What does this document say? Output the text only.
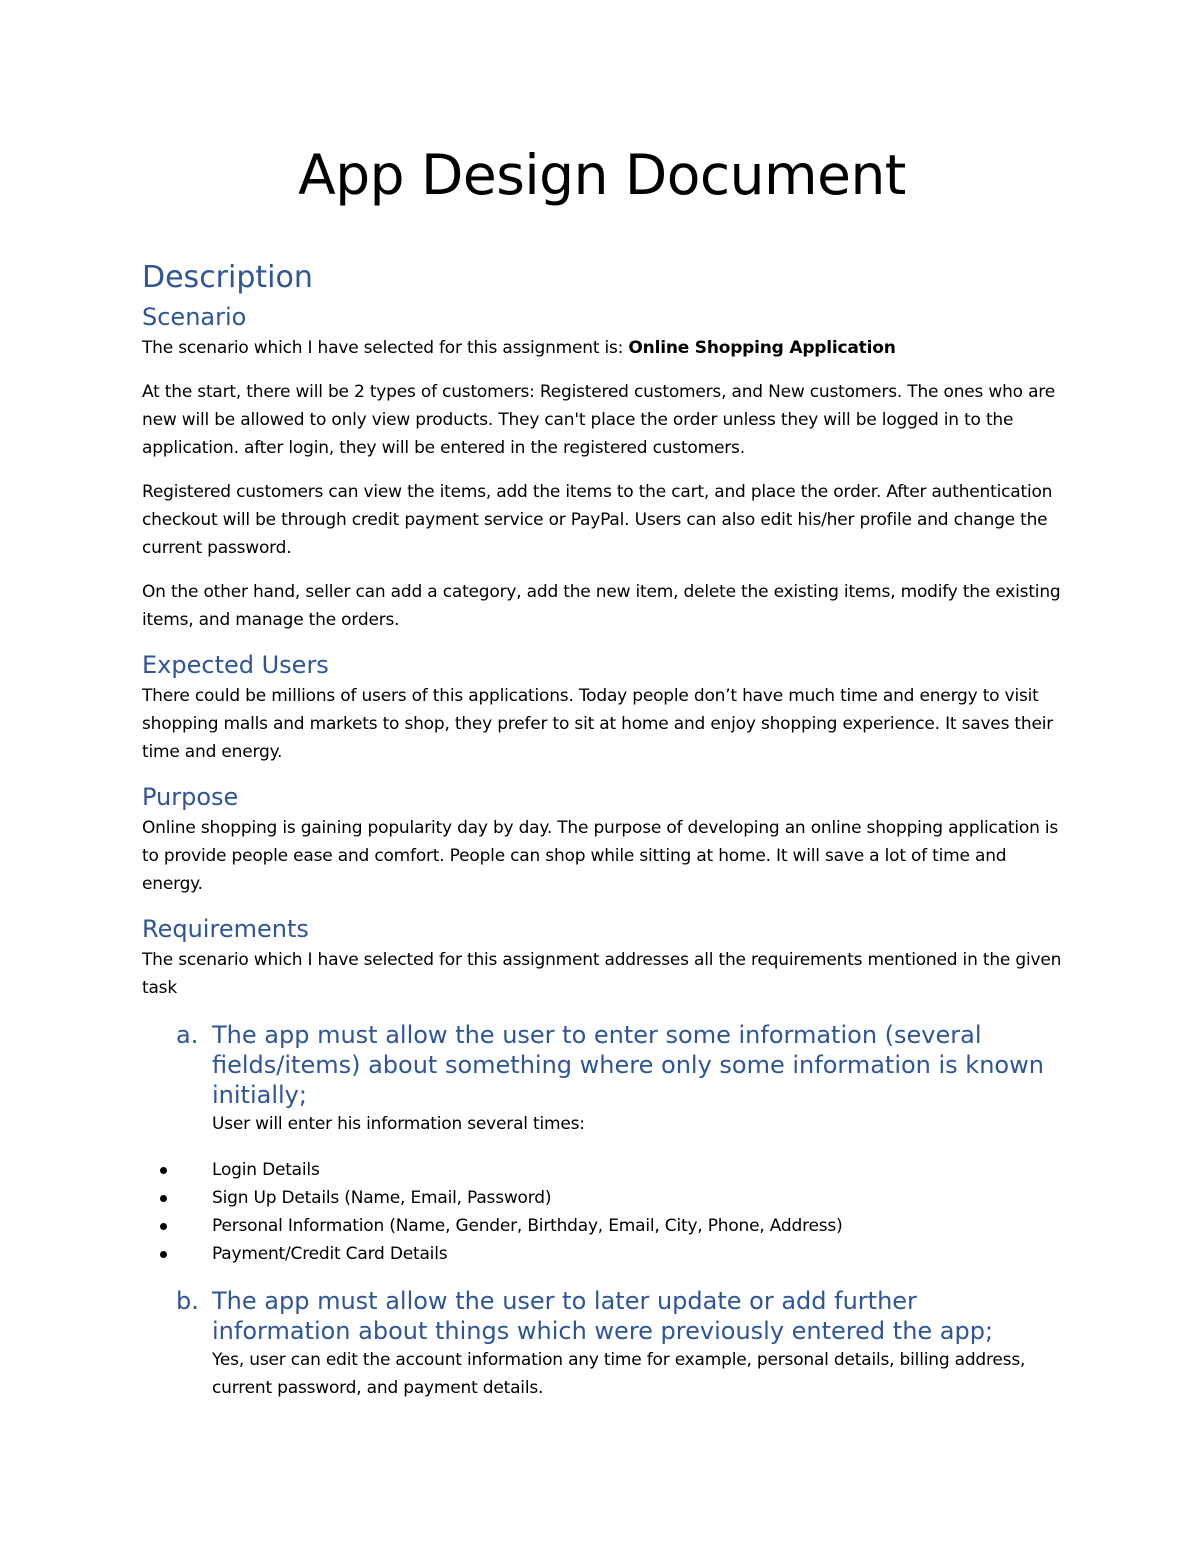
App Design Document
Description
Scenario

The scenario which I have selected for this assignment is: Online Shopping Application

At the start, there will be 2 types of customers: Registered customers, and New customers. The ones who are new will be allowed to only view products. They can't place the order unless they will be logged in to the application. after login, they will be entered in the registered customers.

Registered customers can view the items, add the items to the cart, and place the order. After authentication checkout will be through credit payment service or PayPal. Users can also edit his/her profile and change the current password.

On the other hand, seller can add a category, add the new item, delete the existing items, modify the existing items, and manage the orders.

Expected Users

There could be millions of users of this applications. Today people don’t have much time and energy to visit shopping malls and markets to shop, they prefer to sit at home and enjoy shopping experience. It saves their time and energy.

Purpose

Online shopping is gaining popularity day by day. The purpose of developing an online shopping application is to provide people ease and comfort. People can shop while sitting at home. It will save a lot of time and energy.

Requirements

The scenario which I have selected for this assignment addresses all the requirements mentioned in the given task

a. The app must allow the user to enter some information (several fields/items) about something where only some information is known initially;

User will enter his information several times:

Login Details
Sign Up Details (Name, Email, Password)
Personal Information (Name, Gender, Birthday, Email, City, Phone, Address)
Payment/Credit Card Details
b. The app must allow the user to later update or add further information about things which were previously entered the app;

Yes, user can edit the account information any time for example, personal details, billing address, current password, and payment details.
